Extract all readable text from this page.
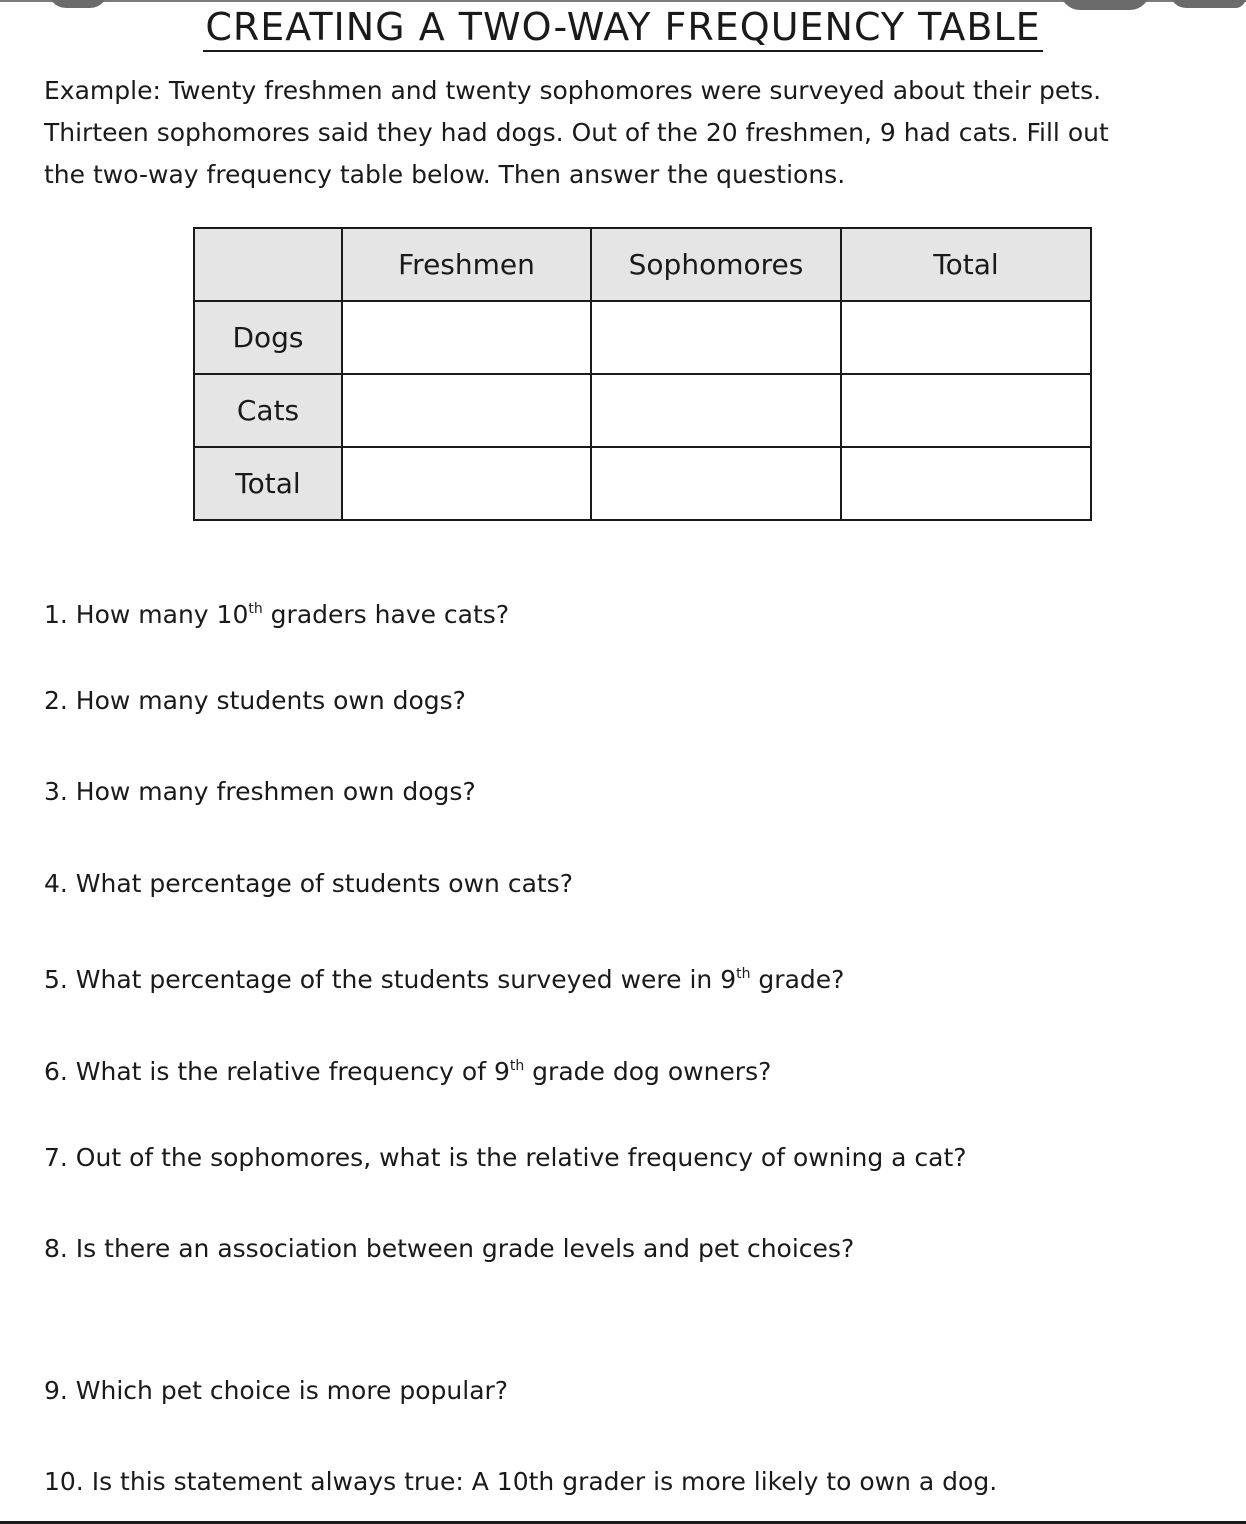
CREATING A TWO-WAY FREQUENCY TABLE

Example: Twenty freshmen and twenty sophomores were surveyed about their pets.

Thirteen sophomores said they had dogs. Out of the 20 freshmen, 9 had cats. Fill out

the two-way frequency table below. Then answer the questions.

	Freshmen	Sophomores	Total
Dogs			
Cats			
Total			
1. How many 10th graders have cats?
2. How many students own dogs?
3. How many freshmen own dogs?
4. What percentage of students own cats?
5. What percentage of the students surveyed were in 9th grade?
6. What is the relative frequency of 9th grade dog owners?
7. Out of the sophomores, what is the relative frequency of owning a cat?
8. Is there an association between grade levels and pet choices?
9. Which pet choice is more popular?
10. Is this statement always true: A 10th grader is more likely to own a dog.
